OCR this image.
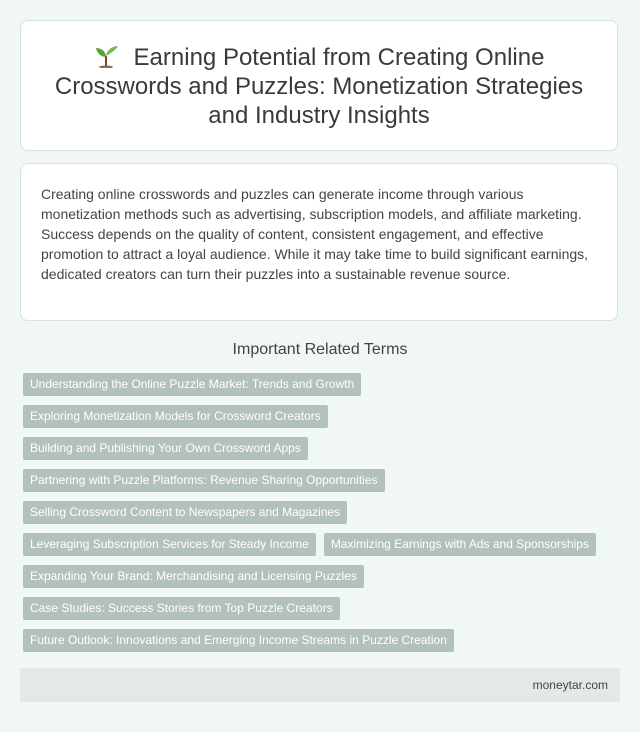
Earning Potential from Creating Online Crosswords and Puzzles: Monetization Strategies and Industry Insights

Creating online crosswords and puzzles can generate income through various monetization methods such as advertising, subscription models, and affiliate marketing. Success depends on the quality of content, consistent engagement, and effective promotion to attract a loyal audience. While it may take time to build significant earnings, dedicated creators can turn their puzzles into a sustainable revenue source.

Important Related Terms
Understanding the Online Puzzle Market: Trends and Growth
Exploring Monetization Models for Crossword Creators
Building and Publishing Your Own Crossword Apps
Partnering with Puzzle Platforms: Revenue Sharing Opportunities
Selling Crossword Content to Newspapers and Magazines
Leveraging Subscription Services for Steady Income	Maximizing Earnings with Ads and Sponsorships
Expanding Your Brand: Merchandising and Licensing Puzzles
Case Studies: Success Stories from Top Puzzle Creators
Future Outlook: Innovations and Emerging Income Streams in Puzzle Creation
moneytar.com
